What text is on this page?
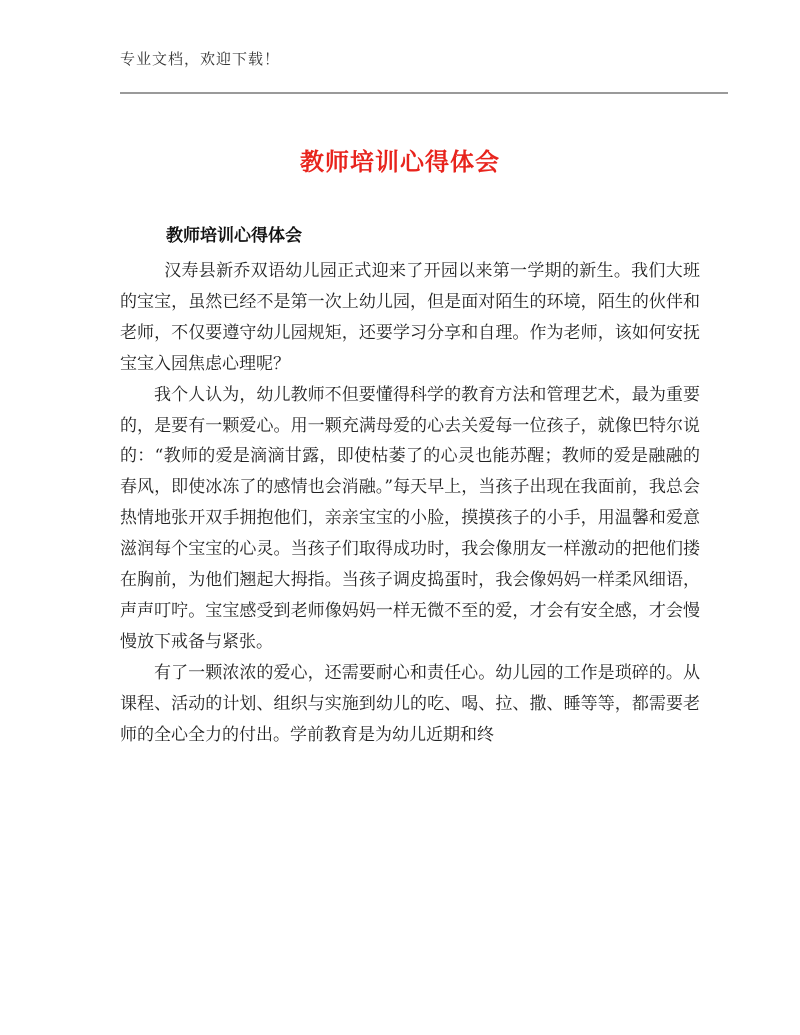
专业文档，欢迎下载！
教师培训心得体会
教师培训心得体会

汉寿县新乔双语幼儿园正式迎来了开园以来第一学期的新生。我们大班的宝宝，虽然已经不是第一次上幼儿园，但是面对陌生的环境，陌生的伙伴和老师，不仅要遵守幼儿园规矩，还要学习分享和自理。作为老师，该如何安抚宝宝入园焦虑心理呢？

我个人认为，幼儿教师不但要懂得科学的教育方法和管理艺术，最为重要的，是要有一颗爱心。用一颗充满母爱的心去关爱每一位孩子，就像巴特尔说的：“教师的爱是滴滴甘露，即使枯萎了的心灵也能苏醒；教师的爱是融融的春风，即使冰冻了的感情也会消融。”每天早上，当孩子出现在我面前，我总会热情地张开双手拥抱他们，亲亲宝宝的小脸，摸摸孩子的小手，用温馨和爱意滋润每个宝宝的心灵。当孩子们取得成功时，我会像朋友一样激动的把他们搂在胸前，为他们翘起大拇指。当孩子调皮捣蛋时，我会像妈妈一样柔风细语，声声叮咛。宝宝感受到老师像妈妈一样无微不至的爱，才会有安全感，才会慢慢放下戒备与紧张。

有了一颗浓浓的爱心，还需要耐心和责任心。幼儿园的工作是琐碎的。从课程、活动的计划、组织与实施到幼儿的吃、喝、拉、撒、睡等等，都需要老师的全心全力的付出。学前教育是为幼儿近期和终
